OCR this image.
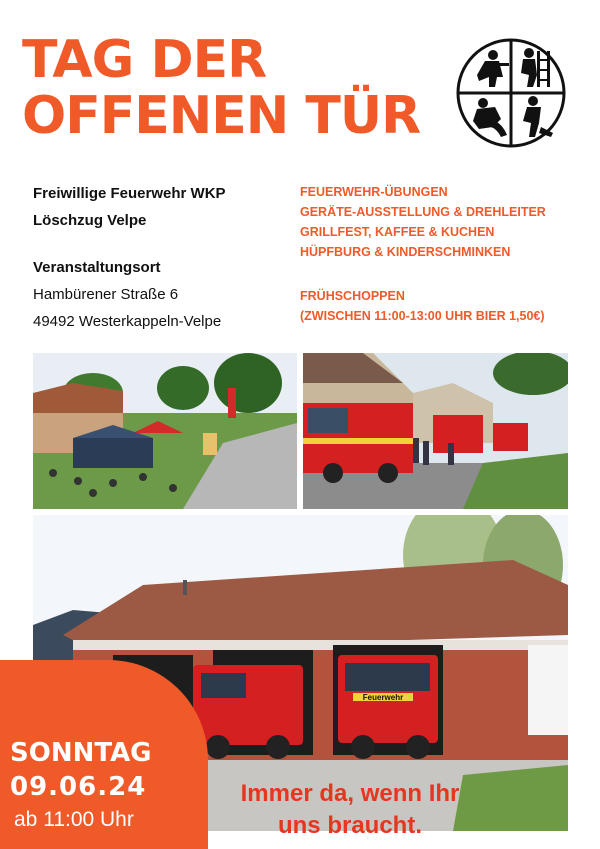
TAG DER
OFFENEN TÜR
Freiwillige Feuerwehr WKP
Löschzug Velpe
Veranstaltungsort
Hambürener Straße 6
49492 Westerkappeln-Velpe
FEUERWEHR-ÜBUNGEN
GERÄTE-AUSSTELLUNG & DREHLEITER
GRILLFEST, KAFFEE & KUCHEN
HÜPFBURG & KINDERSCHMINKEN
FRÜHSCHOPPEN
(ZWISCHEN 11:00-13:00 UHR BIER 1,50€)
Feuerwehr
SONNTAG
09.06.24
ab 11:00 Uhr
Immer da, wenn Ihr
uns braucht.
